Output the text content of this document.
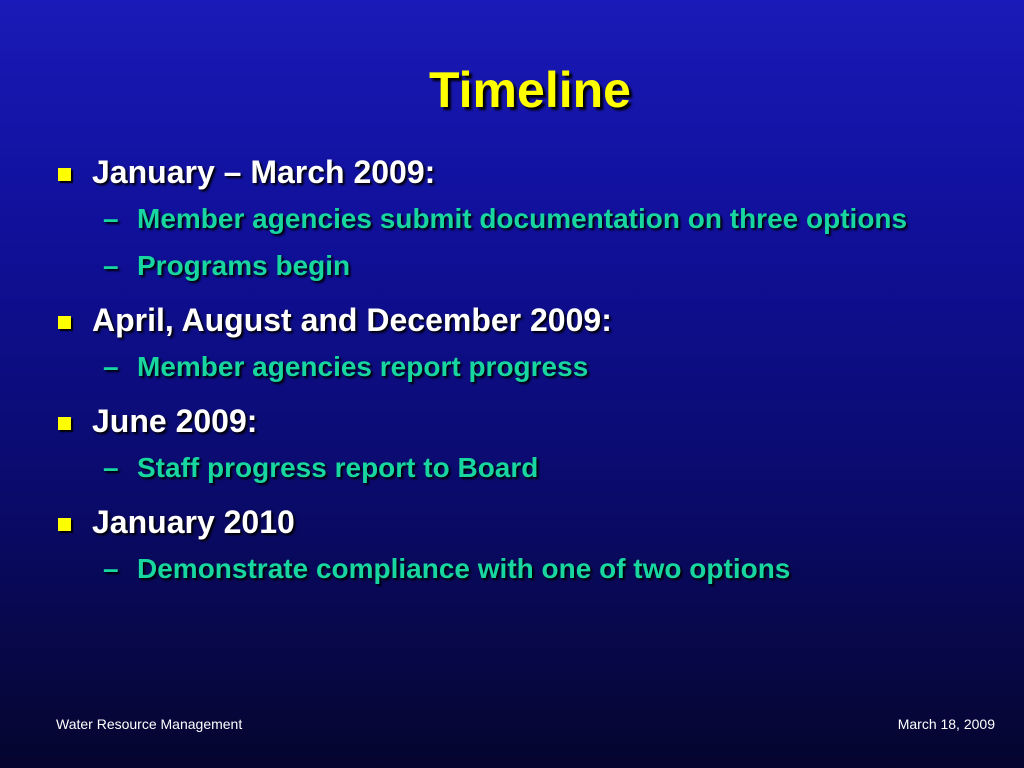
Timeline
January – March 2009:
– Member agencies submit documentation on three options
– Programs begin
April, August and December 2009:
– Member agencies report progress
June 2009:
– Staff progress report to Board
January 2010
– Demonstrate compliance with one of two options
Water Resource Management	March 18, 2009
